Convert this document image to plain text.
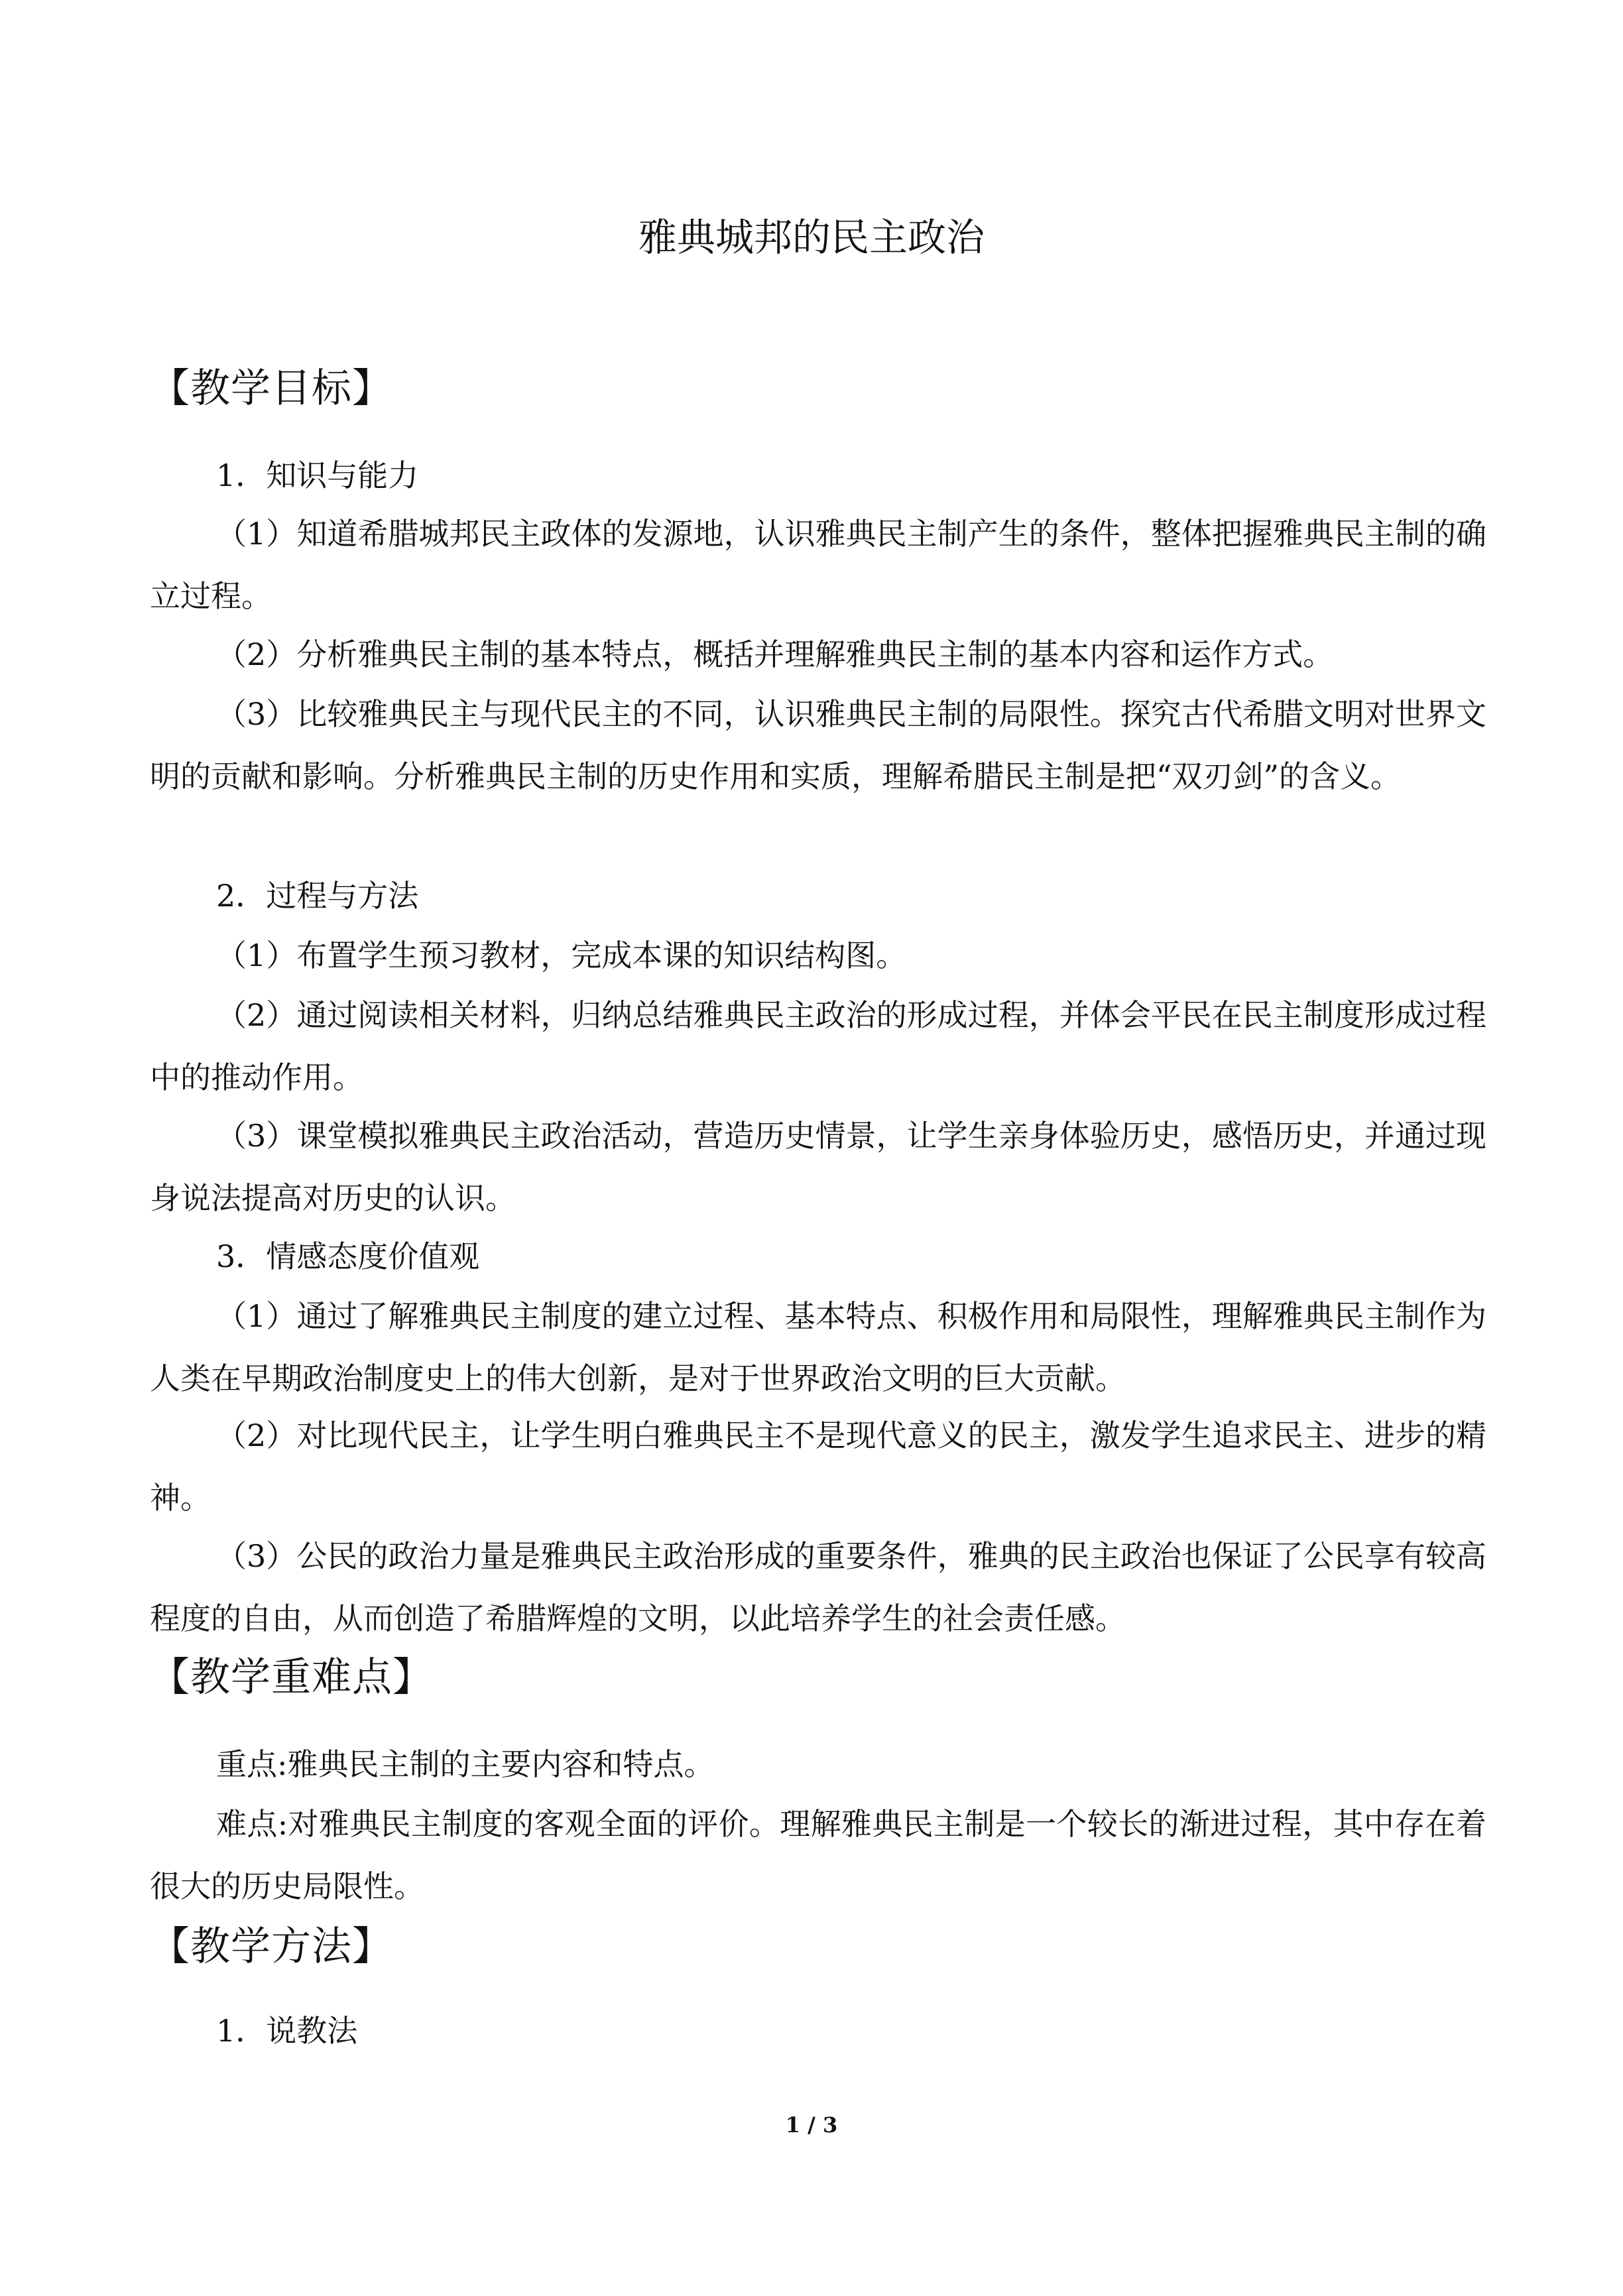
雅典城邦的民主政治
【教学目标】
1．知识与能力
（1）知道希腊城邦民主政体的发源地，认识雅典民主制产生的条件，整体把握雅典民主制的确立过程。
（2）分析雅典民主制的基本特点，概括并理解雅典民主制的基本内容和运作方式。
（3）比较雅典民主与现代民主的不同，认识雅典民主制的局限性。探究古代希腊文明对世界文明的贡献和影响。分析雅典民主制的历史作用和实质，理解希腊民主制是把“双刃剑”的含义。
2．过程与方法
（1）布置学生预习教材，完成本课的知识结构图。
（2）通过阅读相关材料，归纳总结雅典民主政治的形成过程，并体会平民在民主制度形成过程中的推动作用。
（3）课堂模拟雅典民主政治活动，营造历史情景，让学生亲身体验历史，感悟历史，并通过现身说法提高对历史的认识。
3．情感态度价值观
（1）通过了解雅典民主制度的建立过程、基本特点、积极作用和局限性，理解雅典民主制作为人类在早期政治制度史上的伟大创新，是对于世界政治文明的巨大贡献。
（2）对比现代民主，让学生明白雅典民主不是现代意义的民主，激发学生追求民主、进步的精神。
（3）公民的政治力量是雅典民主政治形成的重要条件，雅典的民主政治也保证了公民享有较高程度的自由，从而创造了希腊辉煌的文明，以此培养学生的社会责任感。
【教学重难点】
重点:雅典民主制的主要内容和特点。
难点:对雅典民主制度的客观全面的评价。理解雅典民主制是一个较长的渐进过程，其中存在着很大的历史局限性。
【教学方法】
1．说教法
1 / 3
